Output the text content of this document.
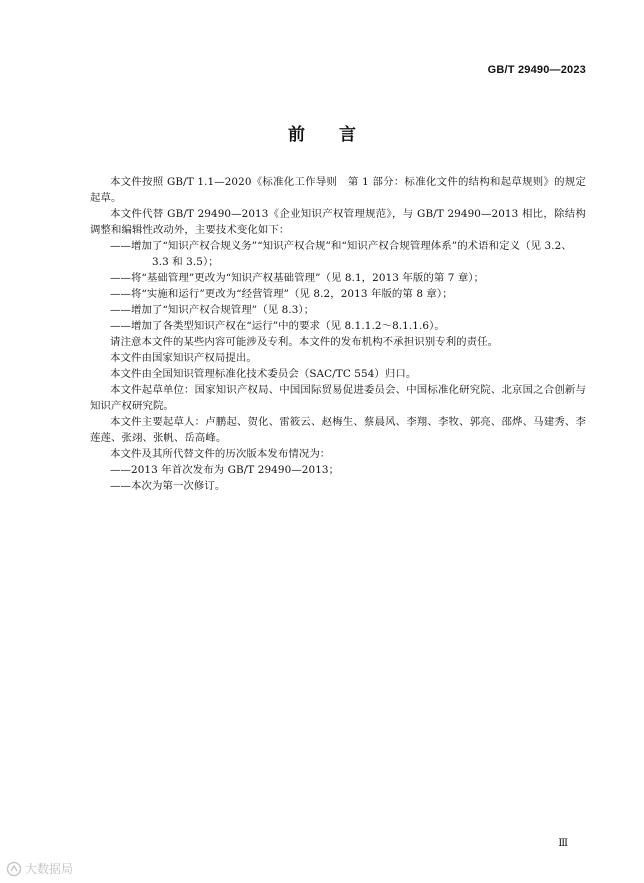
GB/T 29490—2023
前 言

本文件按照 GB/T 1.1—2020《标准化工作导则　第 1 部分：标准化文件的结构和起草规则》的规定起草。

本文件代替 GB/T 29490—2013《企业知识产权管理规范》，与 GB/T 29490—2013 相比，除结构调整和编辑性改动外，主要技术变化如下：

——增加了“知识产权合规义务”“知识产权合规”和“知识产权合规管理体系”的术语和定义（见 3.2、3.3 和 3.5）；

——将“基础管理”更改为“知识产权基础管理”（见 8.1，2013 年版的第 7 章）；

——将“实施和运行”更改为“经营管理”（见 8.2，2013 年版的第 8 章）；

——增加了“知识产权合规管理”（见 8.3）；

——增加了各类型知识产权在“运行”中的要求（见 8.1.1.2～8.1.1.6）。

请注意本文件的某些内容可能涉及专利。本文件的发布机构不承担识别专利的责任。

本文件由国家知识产权局提出。

本文件由全国知识管理标准化技术委员会（SAC/TC 554）归口。

本文件起草单位：国家知识产权局、中国国际贸易促进委员会、中国标准化研究院、北京国之合创新与知识产权研究院。

本文件主要起草人：卢鹏起、贺化、雷筱云、赵梅生、蔡晨风、李翔、李牧、郭亮、邵烨、马建秀、李莲莲、张翊、张帆、岳高峰。

本文件及其所代替文件的历次版本发布情况为：

——2013 年首次发布为 GB/T 29490—2013；

——本次为第一次修订。

Ⅲ
大数据局
